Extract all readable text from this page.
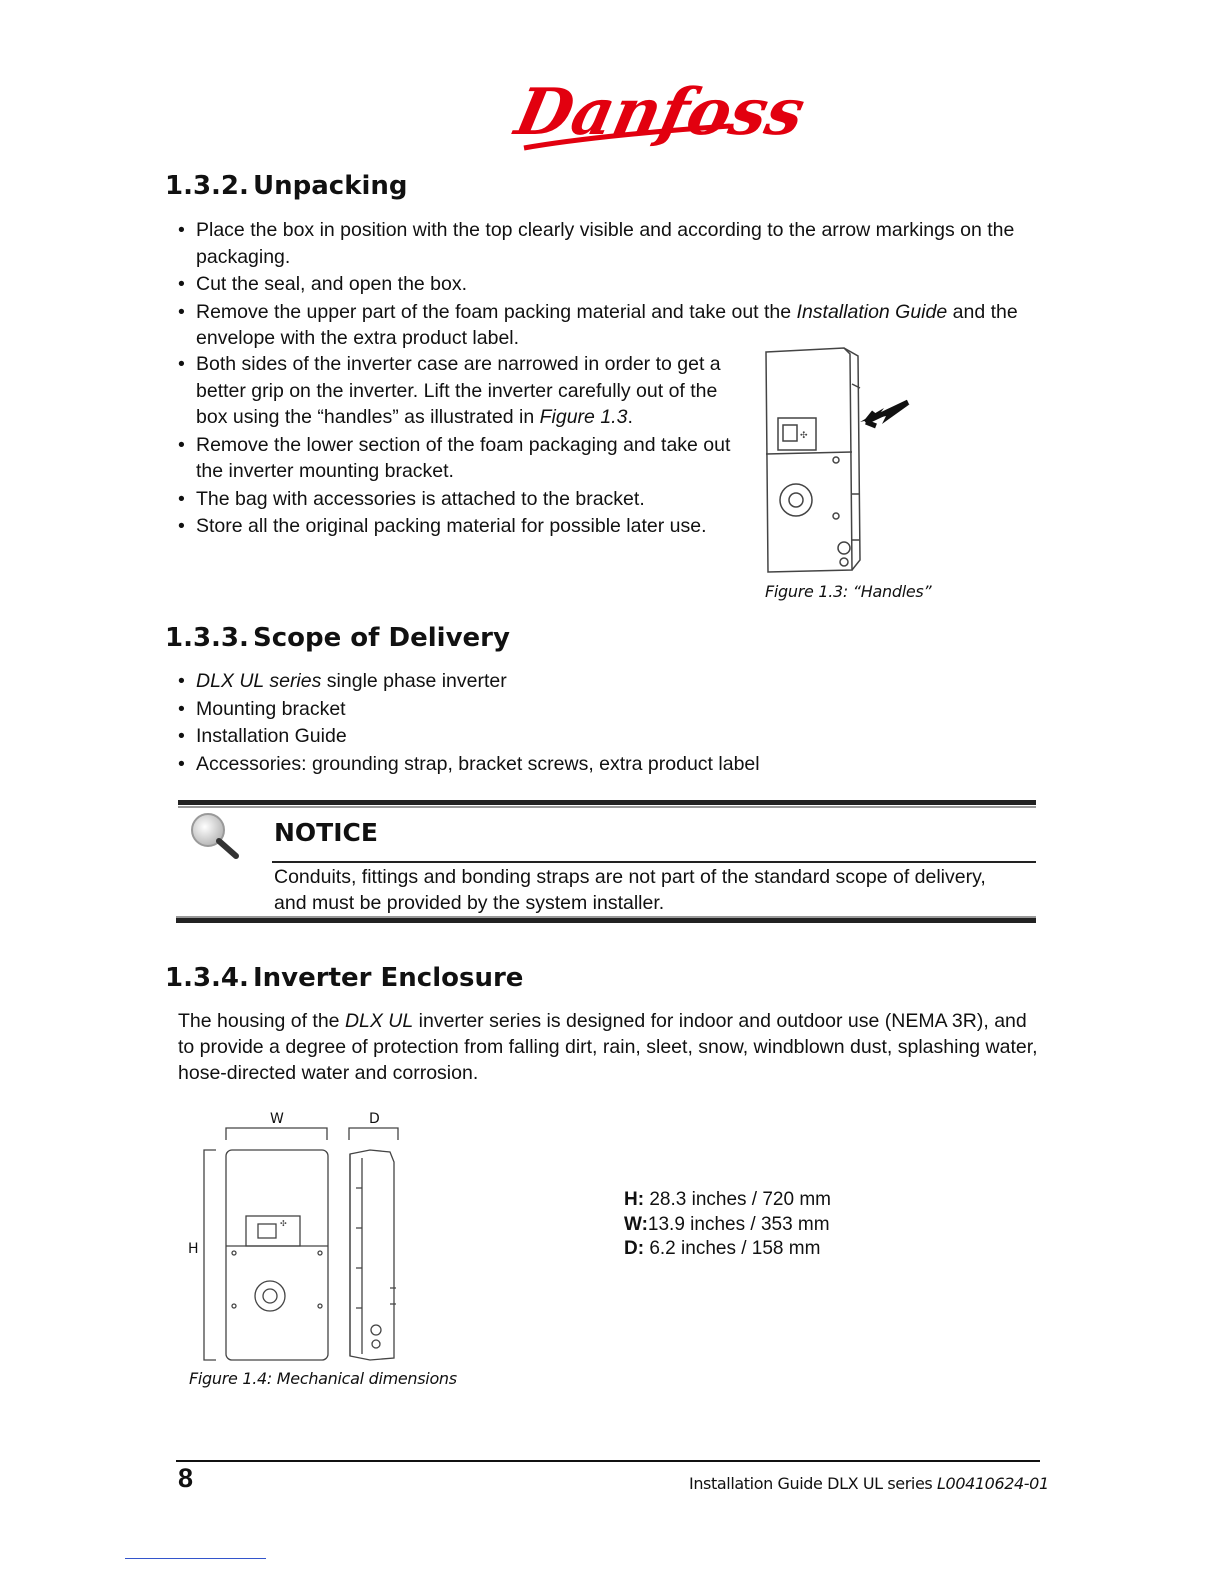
Danfoss
1.3.2. Unpacking
• Place the box in position with the top clearly visible and according to the arrow markings on the packaging.
• Cut the seal, and open the box.
• Remove the upper part of the foam packing material and take out the Installation Guide and the envelope with the extra product label.
• Both sides of the inverter case are narrowed in order to get a better grip on the inverter. Lift the inverter carefully out of the box using the “handles” as illustrated in Figure 1.3.
• Remove the lower section of the foam packaging and take out the inverter mounting bracket.
• The bag with accessories is attached to the bracket.
• Store all the original packing material for possible later use.
✣
Figure 1.3: “Handles”
1.3.3. Scope of Delivery
• DLX UL series single phase inverter
• Mounting bracket
• Installation Guide
• Accessories: grounding strap, bracket screws, extra product label
NOTICE
Conduits, fittings and bonding straps are not part of the standard scope of delivery, and must be provided by the system installer.
1.3.4. Inverter Enclosure
The housing of the DLX UL inverter series is designed for indoor and outdoor use (NEMA 3R), and to provide a degree of protection from falling dirt, rain, sleet, snow, windblown dust, splashing water, hose-directed water and corrosion.
✣
W	D
H
Figure 1.4: Mechanical dimensions
H: 28.3 inches / 720 mm
W:13.9 inches / 353 mm
D: 6.2 inches / 158 mm
8	Installation Guide DLX UL series L00410624-01
